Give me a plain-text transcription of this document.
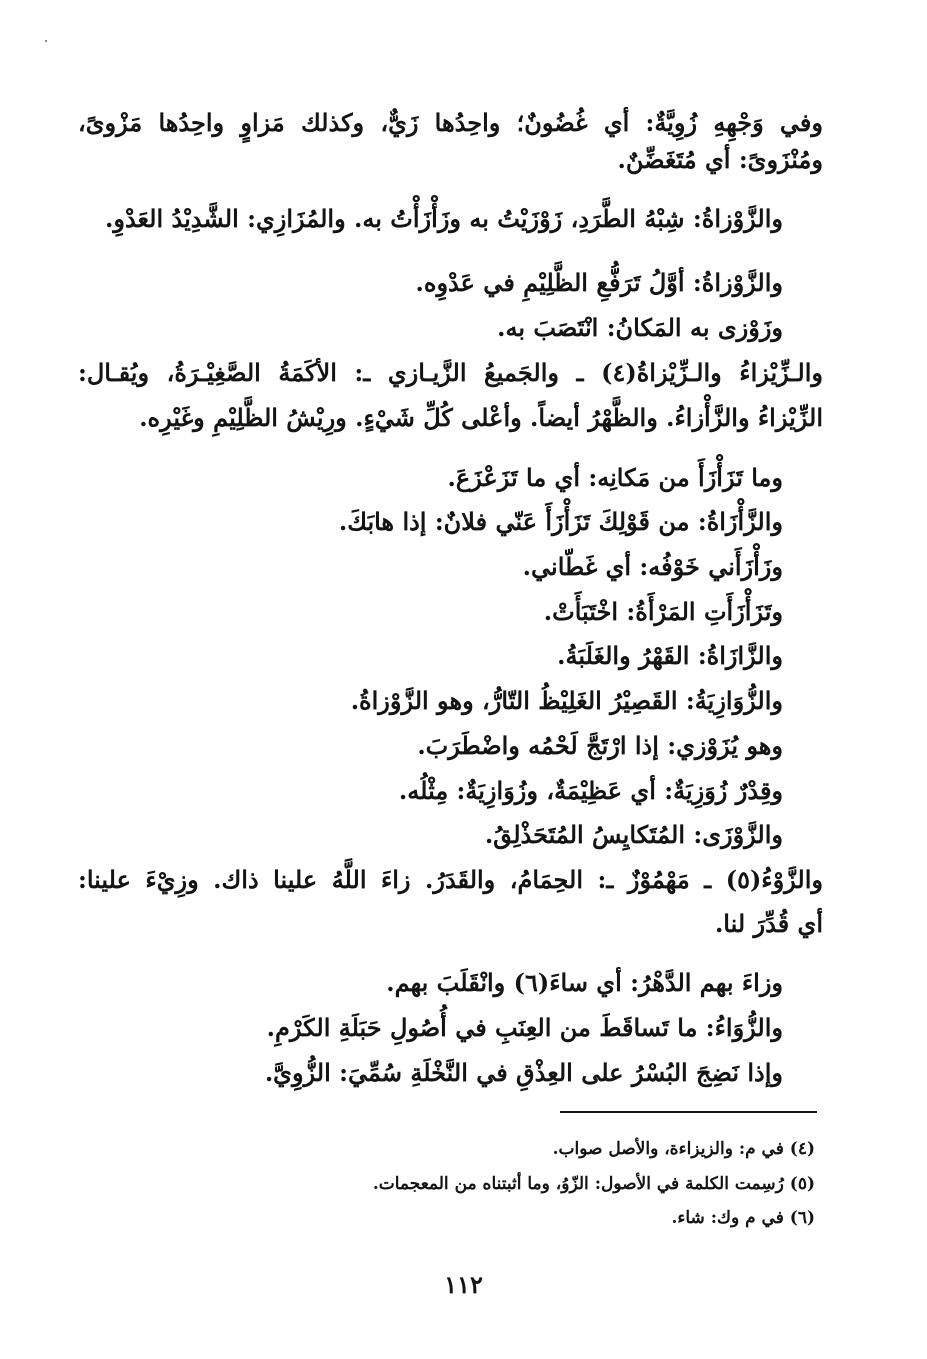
وفي وَجْهِهِ زُوِيَّةٌ: أي غُضُونٌ؛ واحِدُها زَيٌّ، وكذلك مَزاوٍ واحِدُها مَزْوىً،
ومُنْزَوىً: أي مُتَغَضِّنٌ.
والزَّوْزاةُ: شِبْهُ الطَّرَدِ، زَوْزَيْتُ به وزَأْزَأْتُ به. والمُزَازِي: الشَّدِيْدُ العَدْوِ.
والزَّوْزاةُ: أوَّلُ تَرَفُّعِ الظَّلِيْمِ في عَدْوِه.
وزَوْزى به المَكانُ: انْتَصَبَ به.
والـزِّيْزاءُ والـزِّيْزاةُ(٤) ـ والجَميعُ الزَّيـازي ـ: الأكَمَةُ الصَّغِيْـرَةُ، ويُقـال:
الزِّيْزاءُ والزَّأْزاءُ. والظَّهْرُ أيضاً. وأعْلى كُلِّ شَيْءٍ. ورِيْشُ الظَّلِيْمِ وغَيْرِه.
وما تَزَأْزَأَ من مَكانِه: أي ما تَزَعْزَعَ.
والزَّأْزَاةُ: من قَوْلِكَ تَزَأْزَأَ عَنّي فلانٌ: إذا هابَكَ.
وزَأْزَأَني خَوْفُه: أي غَطّاني.
وتَزَأْزَأَتِ المَرْأَةُ: اخْتَبَأَتْ.
والزَّازَاةُ: القَهْرُ والغَلَبَةُ.
والزُّوَازِيَةُ: القَصِيْرُ الغَلِيْظُ التّارُّ، وهو الزَّوْزاةُ.
وهو يُزَوْزي: إذا ارْتَجَّ لَحْمُه واضْطَرَبَ.
وقِدْرٌ زُوَزِيَةٌ: أي عَظِيْمَةٌ، وزُوَازِيَةٌ: مِثْلُه.
والزَّوْزَى: المُتَكايِسُ المُتَحَذْلِقُ.
والزَّوْءُ(٥) ـ مَهْمُوْزٌ ـ: الحِمَامُ، والقَدَرُ. زاءَ اللَّهُ علينا ذاك. وزِيْءَ علينا:
أي قُدِّرَ لنا.
وزاءَ بهم الدَّهْرُ: أي ساءَ(٦) وانْقَلَبَ بهم.
والزُّوَاءُ: ما تَساقَطَ من العِنَبِ في أُصُولِ حَبَلَةِ الكَرْمِ.
وإذا نَضِجَ البُسْرُ على العِذْقِ في النَّخْلَةِ سُمِّيَ: الزُّوِيَّ.
(٤) في م: والزيزاءة، والأصل صواب.
(٥) رُسِمت الكلمة في الأصول: الزّوُ، وما أثبتناه من المعجمات.
(٦) في م وك: شاء.
١١٢
